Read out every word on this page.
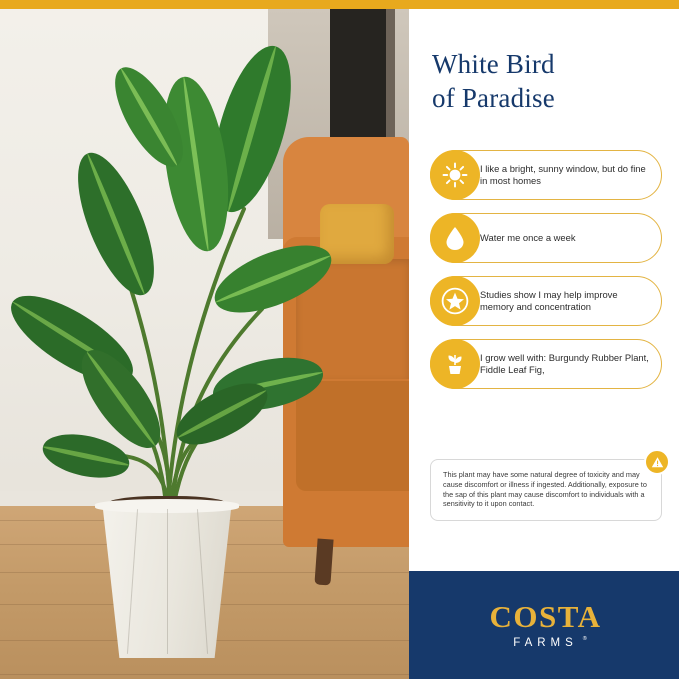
White Bird
of Paradise
I like a bright, sunny window, but do fine in most homes
Water me once a week
Studies show I may help improve memory and concentration
I grow well with: Burgundy Rubber Plant, Fiddle Leaf Fig,
This plant may have some natural degree of toxicity and may cause discomfort or illness if ingested. Additionally, exposure to the sap of this plant may cause discomfort to individuals with a sensitivity to it upon contact.
COSTA
FARMS ®
